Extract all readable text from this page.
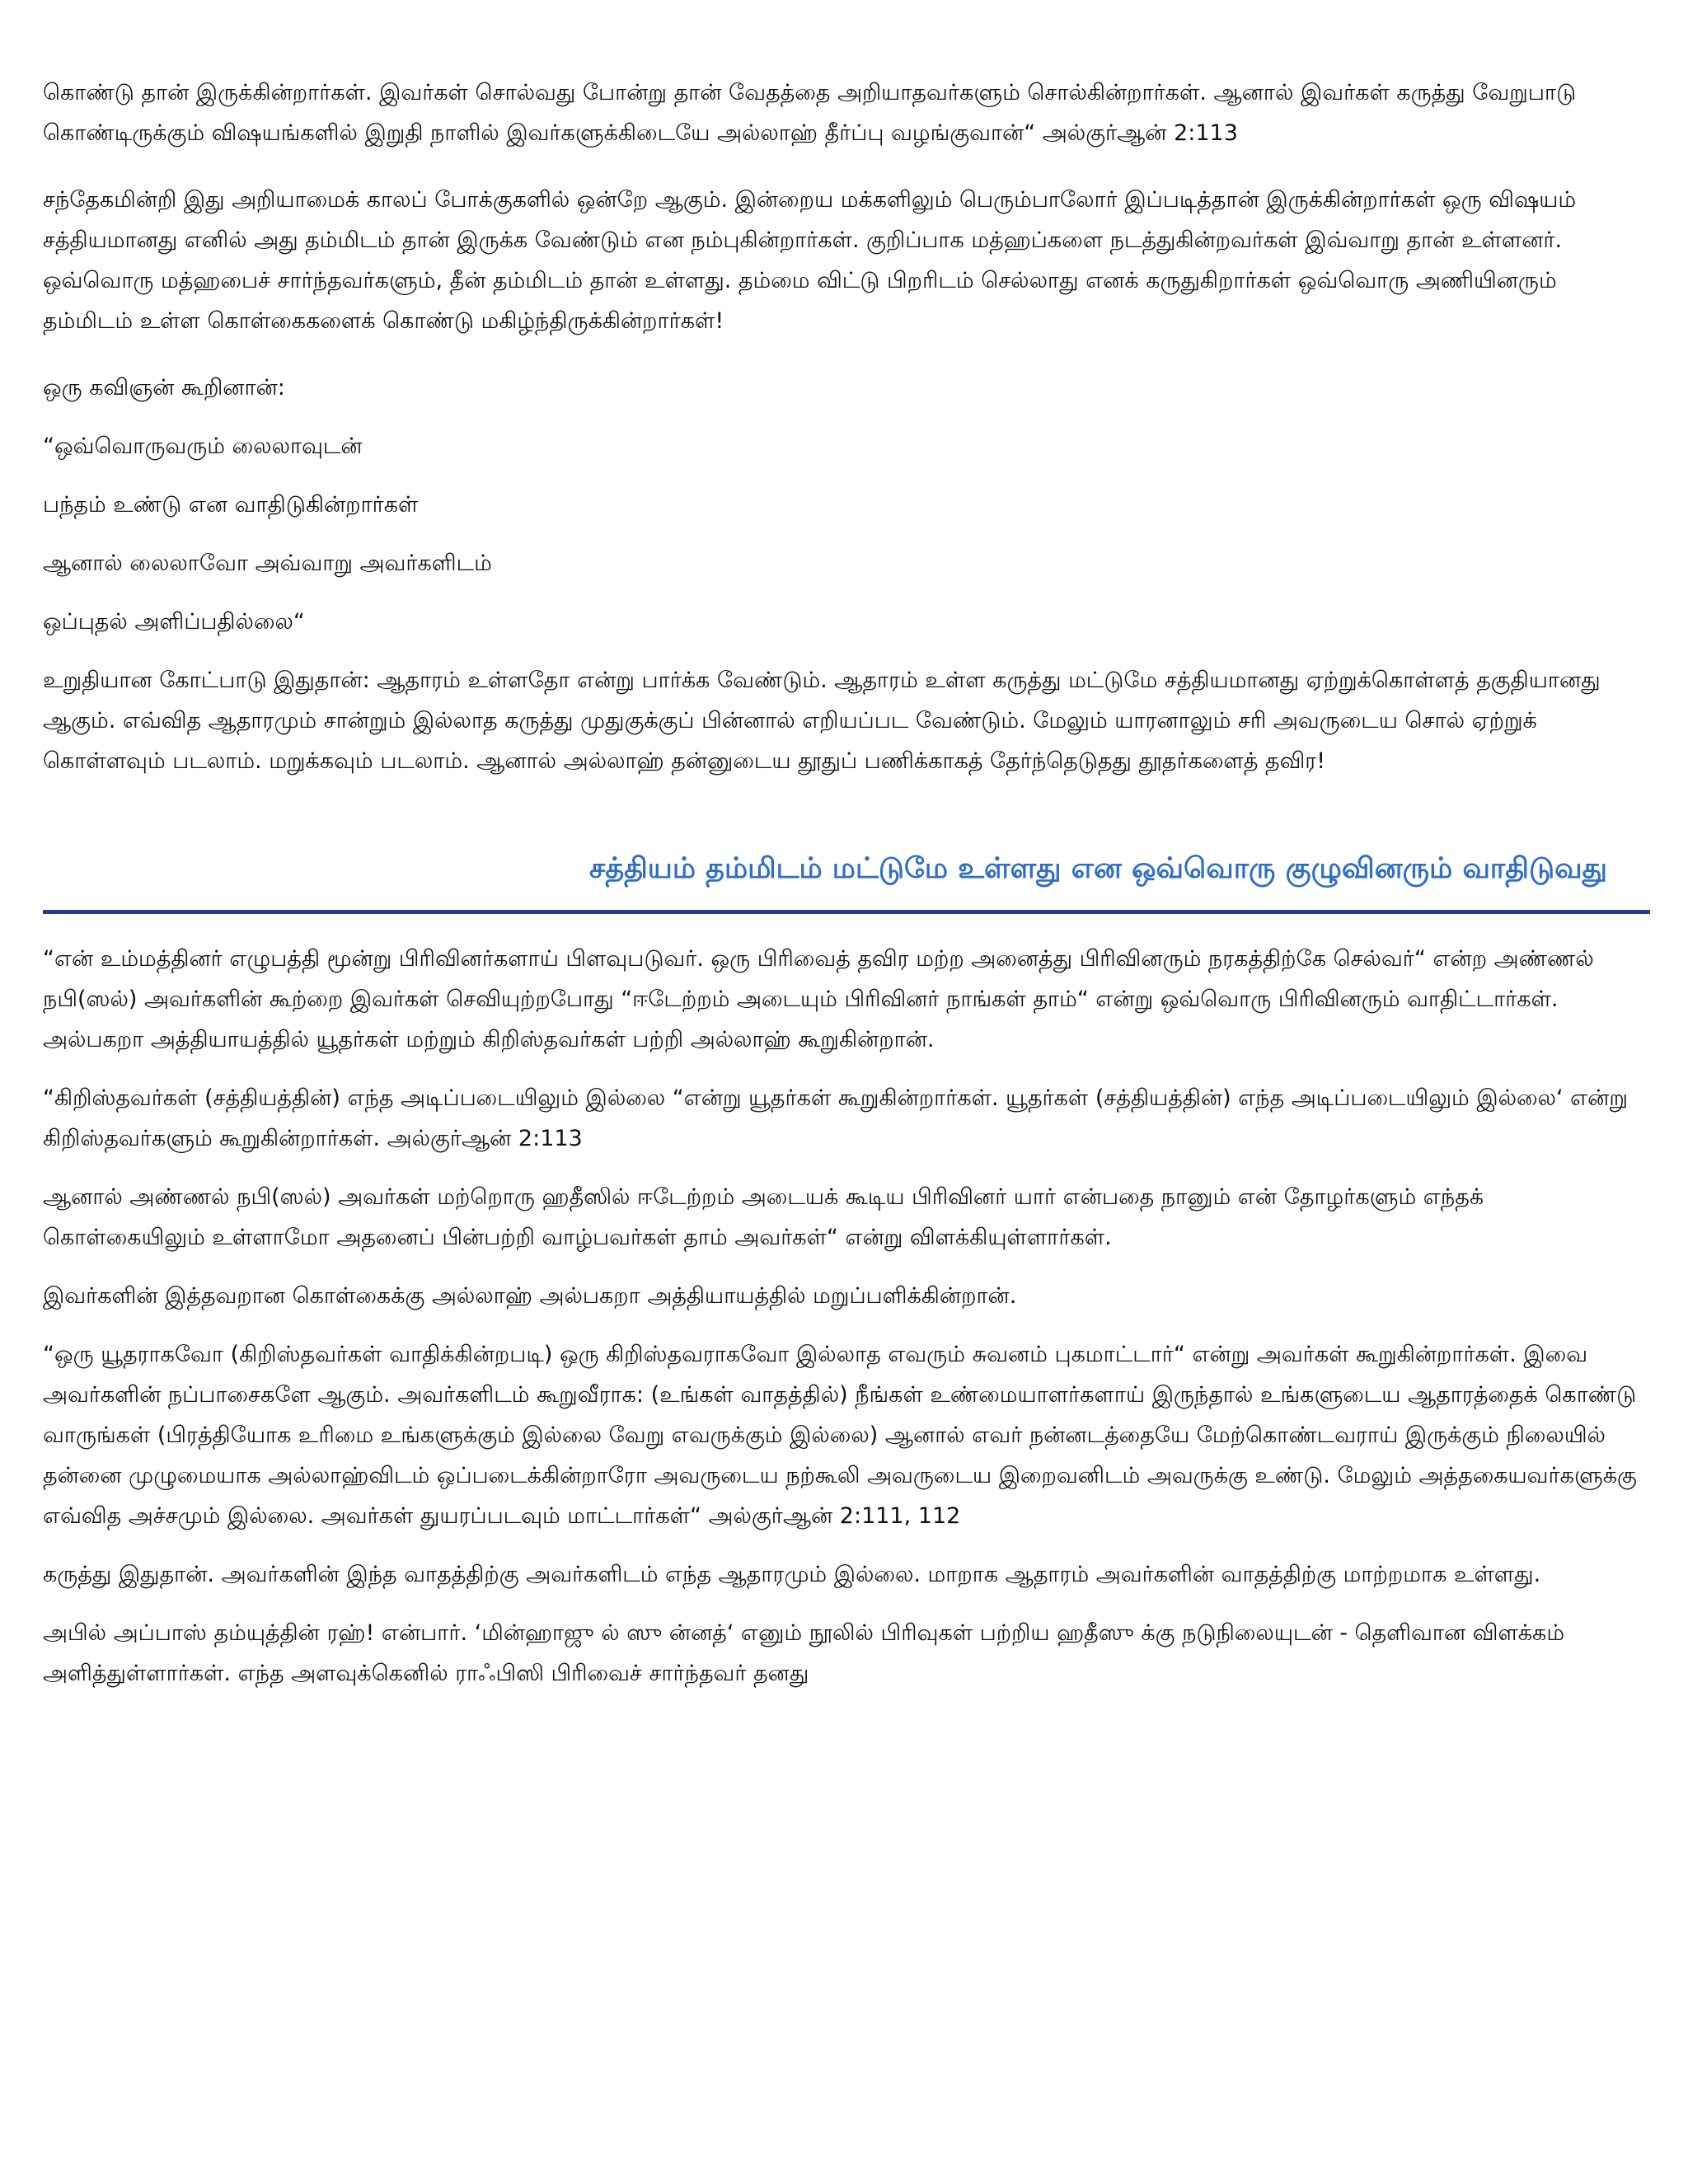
கொண்டு தான் இருக்கின்றார்கள். இவர்கள் சொல்வது போன்று தான் வேதத்தை அறியாதவர்களும் சொல்கின்றார்கள். ஆனால் இவர்கள் கருத்து வேறுபாடு கொண்டிருக்கும் விஷயங்களில் இறுதி நாளில் இவர்களுக்கிடையே அல்லாஹ் தீர்ப்பு வழங்குவான்“ அல்குர்ஆன் 2:113

சந்தேகமின்றி இது அறியாமைக் காலப் போக்குகளில் ஒன்றே ஆகும். இன்றைய மக்களிலும் பெரும்பாலோர் இப்படித்தான் இருக்கின்றார்கள் ஒரு விஷயம் சத்தியமானது எனில் அது தம்மிடம் தான் இருக்க வேண்டும் என நம்புகின்றார்கள். குறிப்பாக மத்ஹப்களை நடத்துகின்றவர்கள் இவ்வாறு தான் உள்ளனர். ஒவ்வொரு மத்ஹபைச் சார்ந்தவர்களும், தீன் தம்மிடம் தான் உள்ளது. தம்மை விட்டு பிறரிடம் செல்லாது எனக் கருதுகிறார்கள் ஒவ்வொரு அணியினரும் தம்மிடம் உள்ள கொள்கைகளைக் கொண்டு மகிழ்ந்திருக்கின்றார்கள்!

ஒரு கவிஞன் கூறினான்:

“ஒவ்வொருவரும் லைலாவுடன்

பந்தம் உண்டு என வாதிடுகின்றார்கள்

ஆனால் லைலாவோ அவ்வாறு அவர்களிடம்

ஒப்புதல் அளிப்பதில்லை“

உறுதியான கோட்பாடு இதுதான்: ஆதாரம் உள்ளதோ என்று பார்க்க வேண்டும். ஆதாரம் உள்ள கருத்து மட்டுமே சத்தியமானது ஏற்றுக்கொள்ளத் தகுதியானது ஆகும். எவ்வித ஆதாரமும் சான்றும் இல்லாத கருத்து முதுகுக்குப் பின்னால் எறியப்பட வேண்டும். மேலும் யாரனாலும் சரி அவருடைய சொல் ஏற்றுக் கொள்ளவும் படலாம். மறுக்கவும் படலாம். ஆனால் அல்லாஹ் தன்னுடைய தூதுப் பணிக்காகத் தேர்ந்தெடுதது தூதர்களைத் தவிர!

சத்தியம் தம்மிடம் மட்டுமே உள்ளது என ஒவ்வொரு குழுவினரும் வாதிடுவது

“என் உம்மத்தினர் எழுபத்தி மூன்று பிரிவினர்களாய் பிளவுபடுவர். ஒரு பிரிவைத் தவிர மற்ற அனைத்து பிரிவினரும் நரகத்திற்கே செல்வர்“ என்ற அண்ணல் நபி(ஸல்) அவர்களின் கூற்றை இவர்கள் செவியுற்றபோது “ஈடேற்றம் அடையும் பிரிவினர் நாங்கள் தாம்“ என்று ஒவ்வொரு பிரிவினரும் வாதிட்டார்கள். அல்பகறா அத்தியாயத்தில் யூதர்கள் மற்றும் கிறிஸ்தவர்கள் பற்றி அல்லாஹ் கூறுகின்றான்.

“கிறிஸ்தவர்கள் (சத்தியத்தின்) எந்த அடிப்படையிலும் இல்லை “என்று யூதர்கள் கூறுகின்றார்கள். யூதர்கள் (சத்தியத்தின்) எந்த அடிப்படையிலும் இல்லை‘ என்று கிறிஸ்தவர்களும் கூறுகின்றார்கள். அல்குர்ஆன் 2:113

ஆனால் அண்ணல் நபி(ஸல்) அவர்கள் மற்றொரு ஹதீஸில் ஈடேற்றம் அடையக் கூடிய பிரிவினர் யார் என்பதை நானும் என் தோழர்களும் எந்தக் கொள்கையிலும் உள்ளாமோ அதனைப் பின்பற்றி வாழ்பவர்கள் தாம் அவர்கள்“ என்று விளக்கியுள்ளார்கள்.

இவர்களின் இத்தவறான கொள்கைக்கு அல்லாஹ் அல்பகறா அத்தியாயத்தில் மறுப்பளிக்கின்றான்.

“ஒரு யூதராகவோ (கிறிஸ்தவர்கள் வாதிக்கின்றபடி) ஒரு கிறிஸ்தவராகவோ இல்லாத எவரும் சுவனம் புகமாட்டார்“ என்று அவர்கள் கூறுகின்றார்கள். இவை அவர்களின் நப்பாசைகளே ஆகும். அவர்களிடம் கூறுவீராக: (உங்கள் வாதத்தில்) நீங்கள் உண்மையாளர்களாய் இருந்தால் உங்களுடைய ஆதாரத்தைக் கொண்டு வாருங்கள் (பிரத்தியோக உரிமை உங்களுக்கும் இல்லை வேறு எவருக்கும் இல்லை) ஆனால் எவர் நன்னடத்தையே மேற்கொண்டவராய் இருக்கும் நிலையில் தன்னை முழுமையாக அல்லாஹ்விடம் ஒப்படைக்கின்றாரோ அவருடைய நற்கூலி அவருடைய இறைவனிடம் அவருக்கு உண்டு. மேலும் அத்தகையவர்களுக்கு எவ்வித அச்சமும் இல்லை. அவர்கள் துயரப்படவும் மாட்டார்கள்“ அல்குர்ஆன் 2:111, 112

கருத்து இதுதான். அவர்களின் இந்த வாதத்திற்கு அவர்களிடம் எந்த ஆதாரமும் இல்லை. மாறாக ஆதாரம் அவர்களின் வாதத்திற்கு மாற்றமாக உள்ளது.

அபில் அப்பாஸ் தம்யுத்தின் ரஹ்! என்பார். ‘மின்ஹாஜு ல் ஸு ன்னத்‘ எனும் நூலில் பிரிவுகள் பற்றிய ஹதீஸு க்கு நடுநிலையுடன் - தெளிவான விளக்கம் அளித்துள்ளார்கள். எந்த அளவுக்கெனில் ராஃபிஸி பிரிவைச் சார்ந்தவர் தனது
